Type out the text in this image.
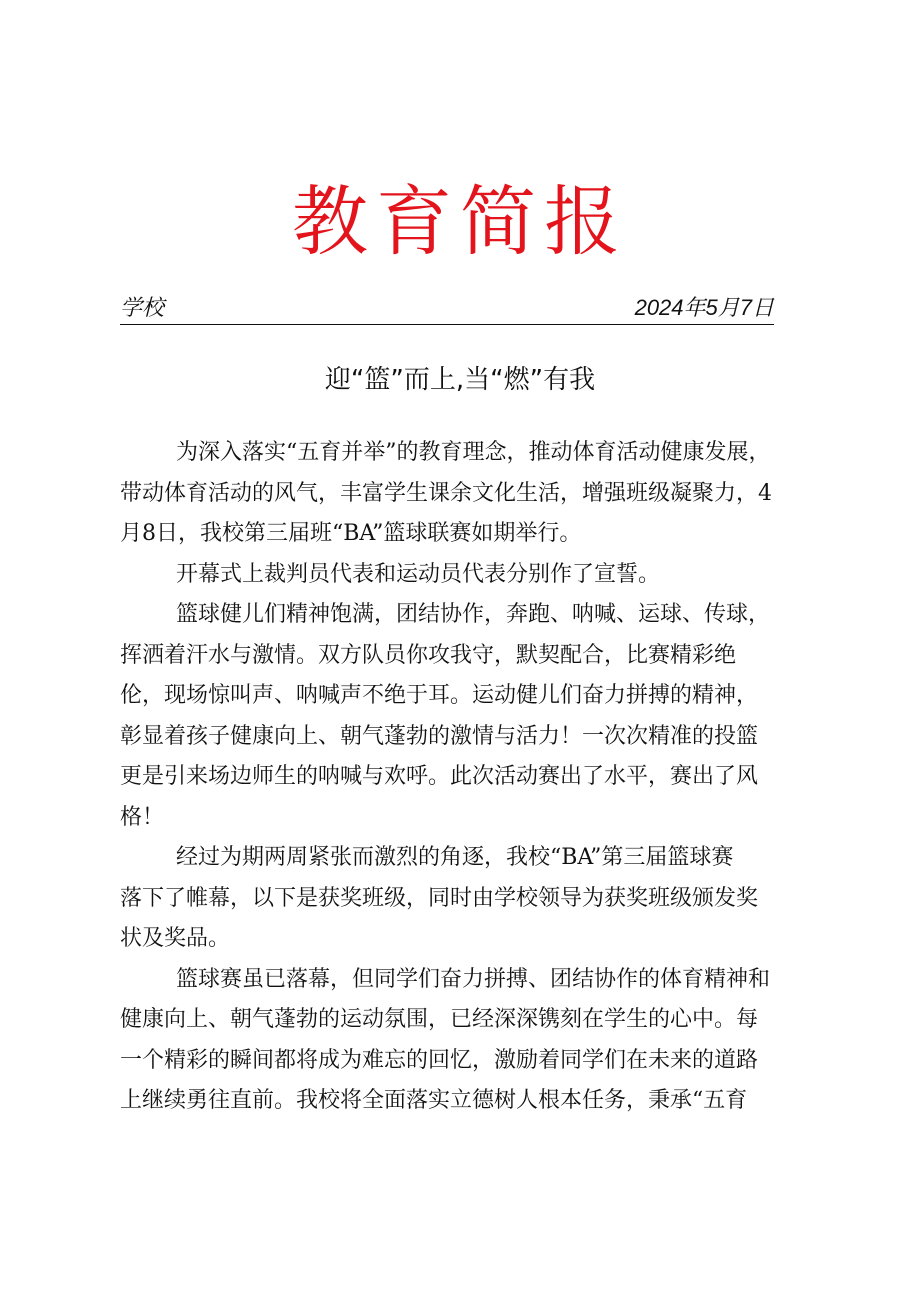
教育简报
学校	2024年5月7日
迎“篮”而上,当“燃”有我

为深入落实“五育并举”的教育理念，推动体育活动健康发展，
带动体育活动的风气，丰富学生课余文化生活，增强班级凝聚力，4
月8日，我校第三届班“BA”篮球联赛如期举行。

开幕式上裁判员代表和运动员代表分别作了宣誓。

篮球健儿们精神饱满，团结协作，奔跑、呐喊、运球、传球，
挥洒着汗水与激情。双方队员你攻我守，默契配合，比赛精彩绝
伦，现场惊叫声、呐喊声不绝于耳。运动健儿们奋力拼搏的精神，
彰显着孩子健康向上、朝气蓬勃的激情与活力！一次次精准的投篮
更是引来场边师生的呐喊与欢呼。此次活动赛出了水平，赛出了风
格！

经过为期两周紧张而激烈的角逐，我校“BA”第三届篮球赛
落下了帷幕，以下是获奖班级，同时由学校领导为获奖班级颁发奖
状及奖品。

篮球赛虽已落幕，但同学们奋力拼搏、团结协作的体育精神和
健康向上、朝气蓬勃的运动氛围，已经深深镌刻在学生的心中。每
一个精彩的瞬间都将成为难忘的回忆，激励着同学们在未来的道路
上继续勇往直前。我校将全面落实立德树人根本任务，秉承“五育
